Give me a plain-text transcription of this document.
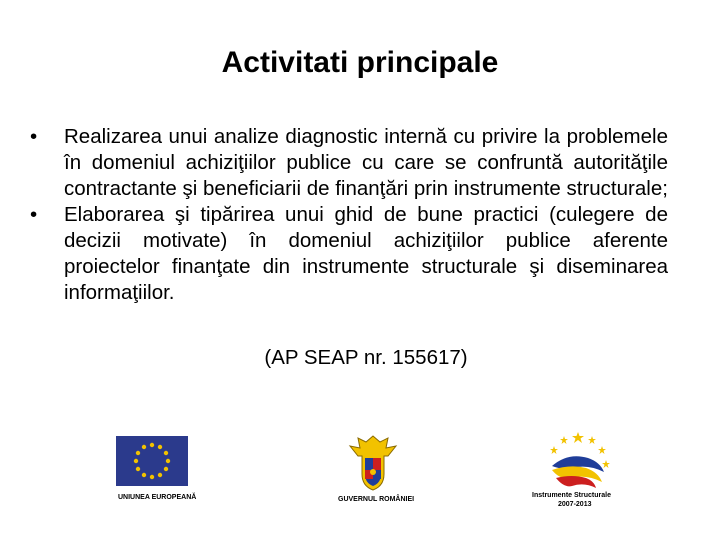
Activitati principale
•	Realizarea unui analize diagnostic internă cu privire la problemele în domeniul achiziţiilor publice cu care se confruntă autorităţile contractante şi beneficiarii de finanţări prin instrumente structurale;
•	Elaborarea şi tipărirea unui ghid de bune practici (culegere de decizii motivate) în domeniul achiziţiilor publice aferente proiectelor finanţate din instrumente structurale şi diseminarea informaţiilor.
(AP SEAP nr. 155617)
UNIUNEA EUROPEANĂ	GUVERNUL ROMÂNIEI
Instrumente Structurale
2007-2013
